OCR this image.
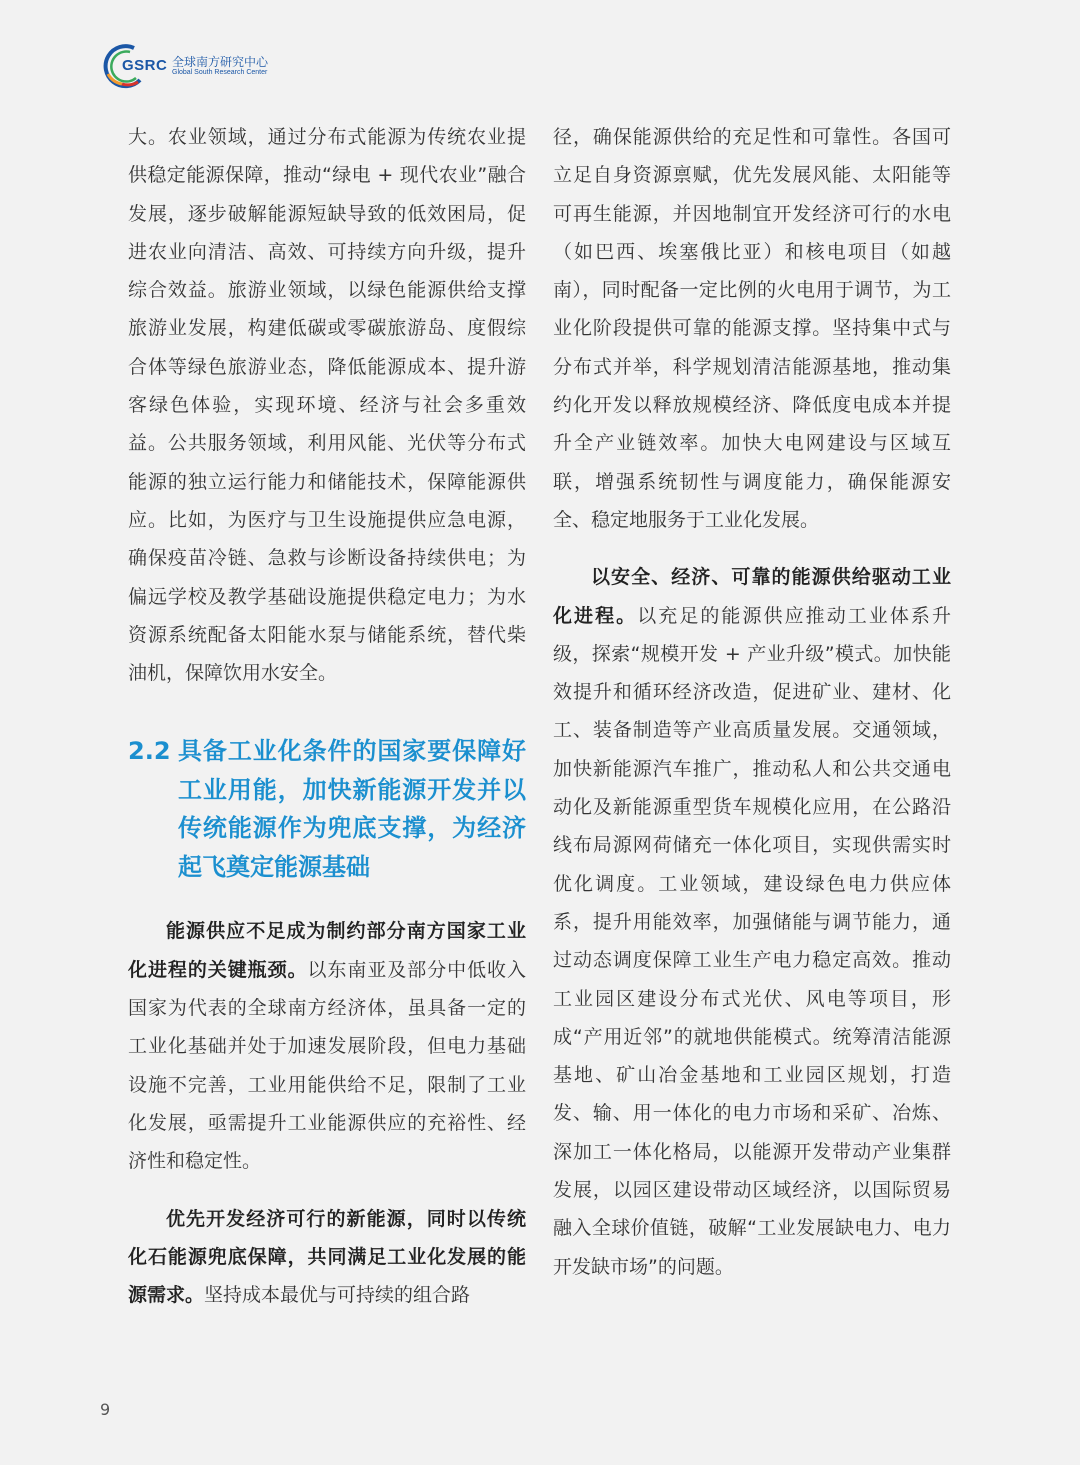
GSRC 全球南方研究中心
Global South Research Center

大。农业领域，通过分布式能源为传统农业提供稳定能源保障，推动“绿电 + 现代农业”融合发展，逐步破解能源短缺导致的低效困局，促进农业向清洁、高效、可持续方向升级，提升综合效益。旅游业领域，以绿色能源供给支撑旅游业发展，构建低碳或零碳旅游岛、度假综合体等绿色旅游业态，降低能源成本、提升游客绿色体验，实现环境、经济与社会多重效益。公共服务领域，利用风能、光伏等分布式能源的独立运行能力和储能技术，保障能源供应。比如，为医疗与卫生设施提供应急电源，确保疫苗冷链、急救与诊断设备持续供电；为偏远学校及教学基础设施提供稳定电力；为水资源系统配备太阳能水泵与储能系统，替代柴油机，保障饮用水安全。

2.2 具备工业化条件的国家要保障好工业用能，加快新能源开发并以传统能源作为兜底支撑，为经济起飞奠定能源基础

能源供应不足成为制约部分南方国家工业化进程的关键瓶颈。以东南亚及部分中低收入国家为代表的全球南方经济体，虽具备一定的工业化基础并处于加速发展阶段，但电力基础设施不完善，工业用能供给不足，限制了工业化发展，亟需提升工业能源供应的充裕性、经济性和稳定性。

优先开发经济可行的新能源，同时以传统化石能源兜底保障，共同满足工业化发展的能源需求。坚持成本最优与可持续的组合路

径，确保能源供给的充足性和可靠性。各国可立足自身资源禀赋，优先发展风能、太阳能等可再生能源，并因地制宜开发经济可行的水电（如巴西、埃塞俄比亚）和核电项目（如越南），同时配备一定比例的火电用于调节，为工业化阶段提供可靠的能源支撑。坚持集中式与分布式并举，科学规划清洁能源基地，推动集约化开发以释放规模经济、降低度电成本并提升全产业链效率。加快大电网建设与区域互联，增强系统韧性与调度能力，确保能源安全、稳定地服务于工业化发展。

以安全、经济、可靠的能源供给驱动工业化进程。以充足的能源供应推动工业体系升级，探索“规模开发 + 产业升级”模式。加快能效提升和循环经济改造，促进矿业、建材、化工、装备制造等产业高质量发展。交通领域，加快新能源汽车推广，推动私人和公共交通电动化及新能源重型货车规模化应用，在公路沿线布局源网荷储充一体化项目，实现供需实时优化调度。工业领域，建设绿色电力供应体系，提升用能效率，加强储能与调节能力，通过动态调度保障工业生产电力稳定高效。推动工业园区建设分布式光伏、风电等项目，形成“产用近邻”的就地供能模式。统筹清洁能源基地、矿山冶金基地和工业园区规划，打造发、输、用一体化的电力市场和采矿、冶炼、深加工一体化格局，以能源开发带动产业集群发展，以园区建设带动区域经济，以国际贸易融入全球价值链，破解“工业发展缺电力、电力开发缺市场”的问题。

9
